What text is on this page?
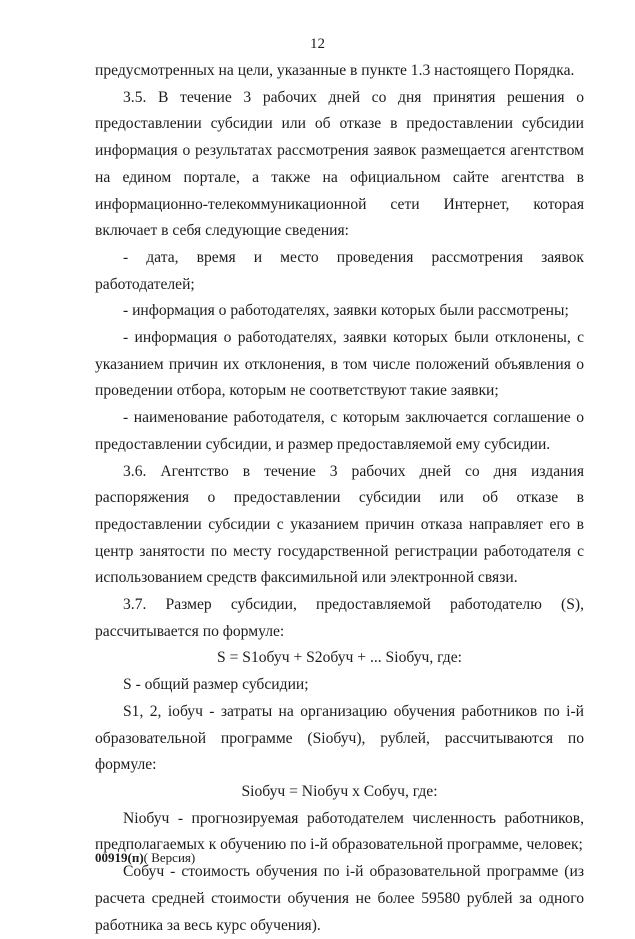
12

предусмотренных на цели, указанные в пункте 1.3 настоящего Порядка.

3.5. В течение 3 рабочих дней со дня принятия решения о предоставлении субсидии или об отказе в предоставлении субсидии информация о результатах рассмотрения заявок размещается агентством на едином портале, а также на официальном сайте агентства в информационно-телекоммуникационной сети Интернет, которая включает в себя следующие сведения:

- дата, время и место проведения рассмотрения заявок работодателей;

- информация о работодателях, заявки которых были рассмотрены;

- информация о работодателях, заявки которых были отклонены, с указанием причин их отклонения, в том числе положений объявления о проведении отбора, которым не соответствуют такие заявки;

- наименование работодателя, с которым заключается соглашение о предоставлении субсидии, и размер предоставляемой ему субсидии.

3.6. Агентство в течение 3 рабочих дней со дня издания распоряжения о предоставлении субсидии или об отказе в предоставлении субсидии с указанием причин отказа направляет его в центр занятости по месту государственной регистрации работодателя с использованием средств факсимильной или электронной связи.

3.7. Размер субсидии, предоставляемой работодателю (S), рассчитывается по формуле:

S = S1обуч + S2обуч + ... Siобуч, где:

S - общий размер субсидии;

S1, 2, iобуч - затраты на организацию обучения работников по i-й образовательной программе (Siобуч), рублей, рассчитываются по формуле:

Siобуч = Niобуч х Собуч, где:

Niобуч - прогнозируемая работодателем численность работников, предполагаемых к обучению по i-й образовательной программе, человек;

Собуч - стоимость обучения по i-й образовательной программе (из расчета средней стоимости обучения не более 59580 рублей за одного работника за весь курс обучения).

00919(п)( Версия)
